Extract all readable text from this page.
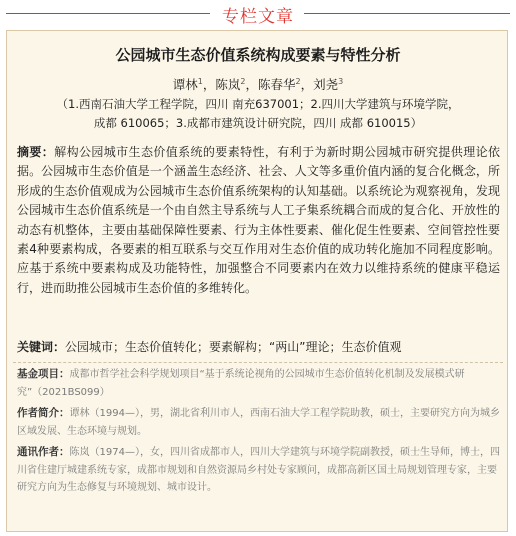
专栏文章
公园城市生态价值系统构成要素与特性分析
谭林$^1$，陈岚$^2$，陈春华$^2$，刘尧$^3$
（1.西南石油大学工程学院，四川 南充637001；2.四川大学建筑与环境学院，
成都 610065；3.成都市建筑设计研究院，四川 成都 610015）
摘要：解构公园城市生态价值系统的要素特性，有利于为新时期公园城市研究提供理论依据。公园城市生态价值是一个涵盖生态经济、社会、人文等多重价值内涵的复合化概念，所形成的生态价值观成为公园城市生态价值系统架构的认知基础。以系统论为观察视角，发现公园城市生态价值系统是一个由自然主导系统与人工子集系统耦合而成的复合化、开放性的动态有机整体，主要由基础保障性要素、行为主体性要素、催化促生性要素、空间管控性要素4种要素构成，各要素的相互联系与交互作用对生态价值的成功转化施加不同程度影响。应基于系统中要素构成及功能特性，加强整合不同要素内在效力以维持系统的健康平稳运行，进而助推公园城市生态价值的多维转化。
关键词：公园城市；生态价值转化；要素解构；“两山”理论；生态价值观

基金项目：成都市哲学社会科学规划项目“基于系统论视角的公园城市生态价值转化机制及发展模式研究”（2021BS099）

作者简介：谭林（1994—），男，湖北省利川市人，西南石油大学工程学院助教，硕士，主要研究方向为城乡区域发展、生态环境与规划。

通讯作者：陈岚（1974—），女，四川省成都市人，四川大学建筑与环境学院副教授，硕士生导师，博士，四川省住建厅城建系统专家，成都市规划和自然资源局乡村处专家顾问，成都高新区国土局规划管理专家，主要研究方向为生态修复与环境规划、城市设计。
